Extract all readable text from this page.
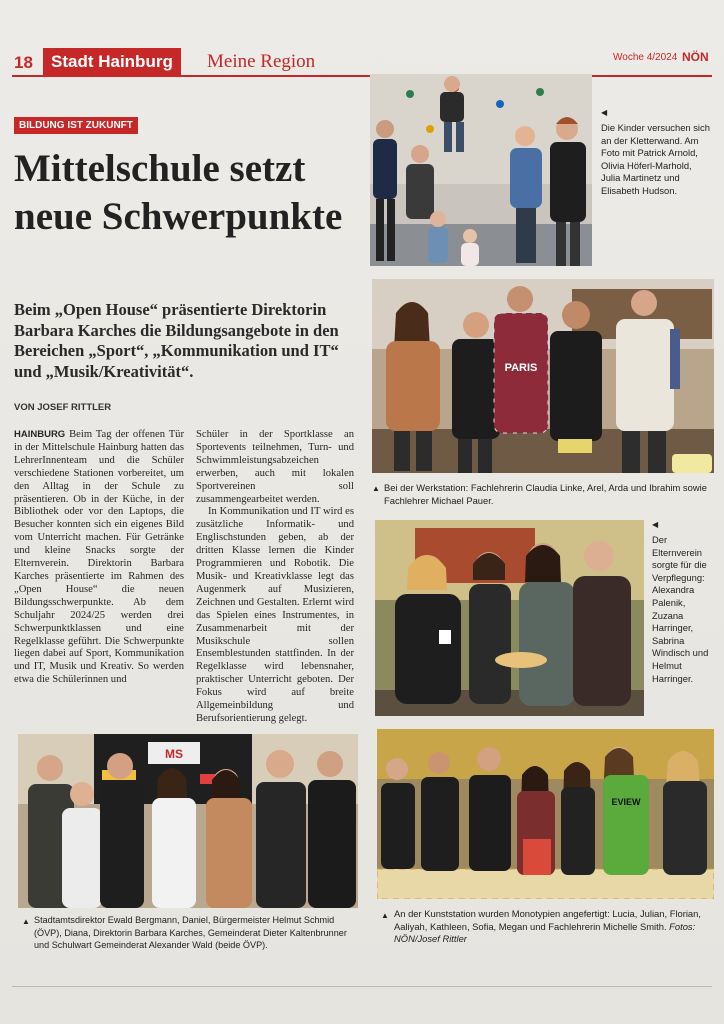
18	Stadt Hainburg	Meine Region	Woche 4/2024 NÖN
BILDUNG IST ZUKUNFT
Mittelschule setzt neue Schwerpunkte
Beim „Open House“ präsentierte Direktorin Barbara Karches die Bildungsangebote in den Bereichen „Sport“, „Kommunikation und IT“ und „Musik/Kreativität“.
VON JOSEF RITTLER
HAINBURG Beim Tag der offenen Tür in der Mittelschule Hainburg hatten das LehrerInnenteam und die Schüler verschiedene Stationen vorbereitet, um den Alltag in der Schule zu präsentieren. Ob in der Küche, in der Bibliothek oder vor den Laptops, die Besucher konnten sich ein eigenes Bild vom Unterricht machen. Für Getränke und kleine Snacks sorgte der Elternverein. Direktorin Barbara Karches präsentierte im Rahmen des „Open House“ die neuen Bildungsschwerpunkte. Ab dem Schuljahr 2024/25 werden drei Schwerpunktklassen und eine Regelklasse geführt. Die Schwerpunkte liegen dabei auf Sport, Kommunikation und IT, Musik und Kreativ. So werden etwa die Schülerinnen und
Schüler in der Sportklasse an Sportevents teilnehmen, Turn- und Schwimmleistungsabzeichen erwerben, auch mit lokalen Sportvereinen soll zusammengearbeitet werden.
In Kommunikation und IT wird es zusätzliche Informatik- und Englischstunden geben, ab der dritten Klasse lernen die Kinder Programmieren und Robotik. Die Musik- und Kreativklasse legt das Augenmerk auf Musizieren, Zeichnen und Gestalten. Erlernt wird das Spielen eines Instrumentes, in Zusammenarbeit mit der Musikschule sollen Ensemblestunden stattfinden. In der Regelklasse wird lebensnaher, praktischer Unterricht geboten. Der Fokus wird auf breite Allgemeinbildung und Berufsorientierung gelegt.
◀
Die Kinder versuchen sich an der Kletterwand. Am Foto mit Patrick Arnold, Olivia Höferl-Marhold, Julia Martinetz und Elisabeth Hudson.
PARIS
▲ Bei der Werkstation: Fachlehrerin Claudia Linke, Arel, Arda und Ibrahim sowie Fachlehrer Michael Pauer.
◀
Der Elternverein sorgte für die Verpflegung: Alexandra Palenik, Zuzana Harringer, Sabrina Windisch und Helmut Harringer.
MS
▲ Stadtamtsdirektor Ewald Bergmann, Daniel, Bürgermeister Helmut Schmid (ÖVP), Diana, Direktorin Barbara Karches, Gemeinderat Dieter Kaltenbrunner und Schulwart Gemeinderat Alexander Wald (beide ÖVP).
EVIEW
▲ An der Kunststation wurden Monotypien angefertigt: Lucia, Julian, Florian, Aaliyah, Kathleen, Sofia, Megan und Fachlehrerin Michelle Smith. Fotos: NÖN/Josef Rittler
